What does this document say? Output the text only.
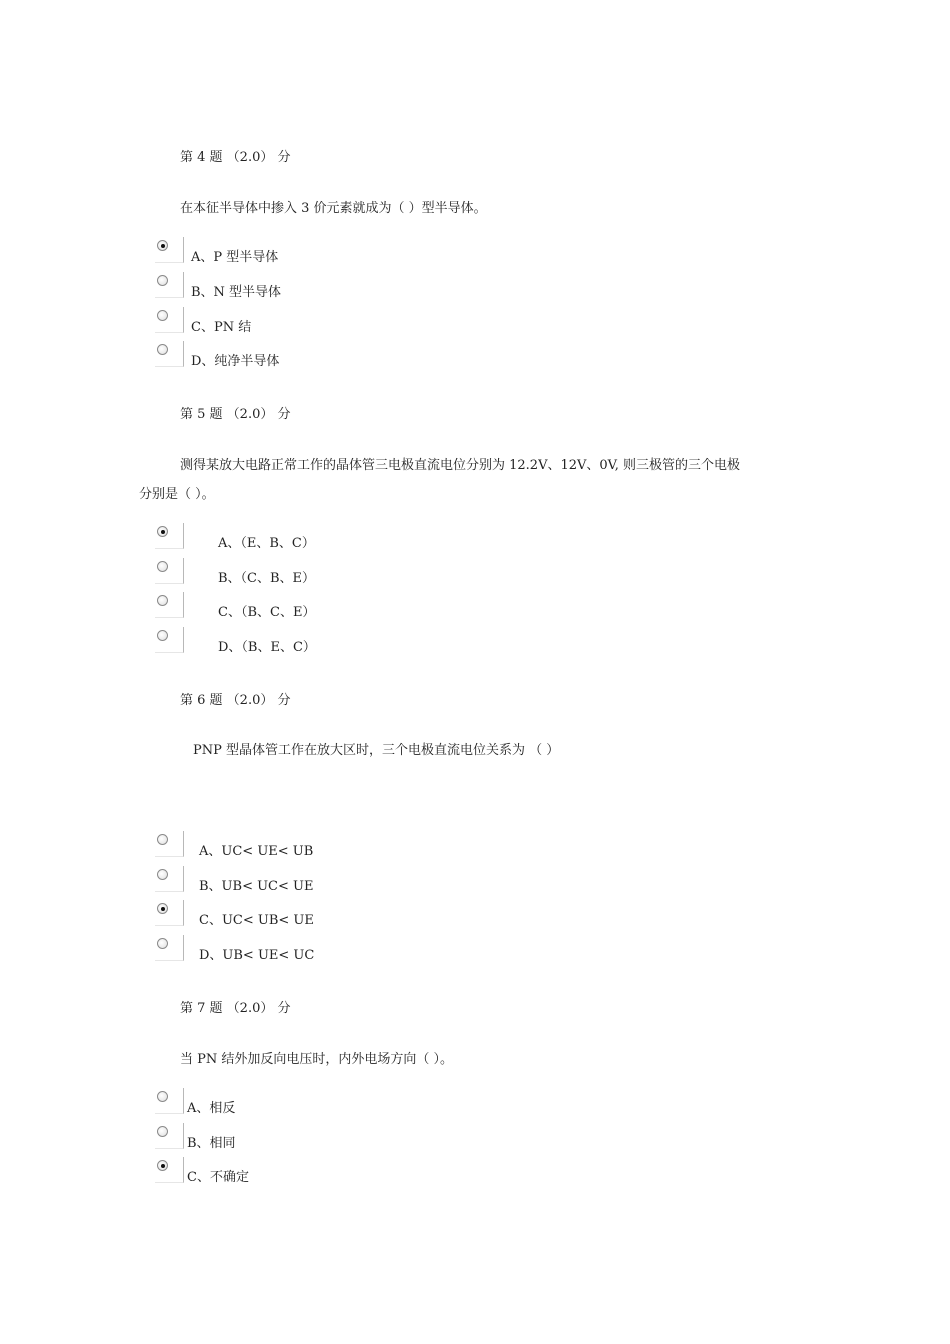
第 4 题 （2.0） 分
在本征半导体中掺入 3 价元素就成为（ ）型半导体。
A、P 型半导体
B、N 型半导体
C、PN 结
D、纯净半导体
第 5 题 （2.0） 分
测得某放大电路正常工作的晶体管三电极直流电位分别为 12.2V、12V、0V, 则三极管的三个电极
分别是（ ）。
A、（E、B、C）
B、（C、B、E）
C、（B、C、E）
D、（B、E、C）
第 6 题 （2.0） 分
PNP 型晶体管工作在放大区时，三个电极直流电位关系为 （ ）
A、UC< UE< UB
B、UB< UC< UE
C、UC< UB< UE
D、UB< UE< UC
第 7 题 （2.0） 分
当 PN 结外加反向电压时，内外电场方向（ ）。
A、相反
B、相同
C、不确定
